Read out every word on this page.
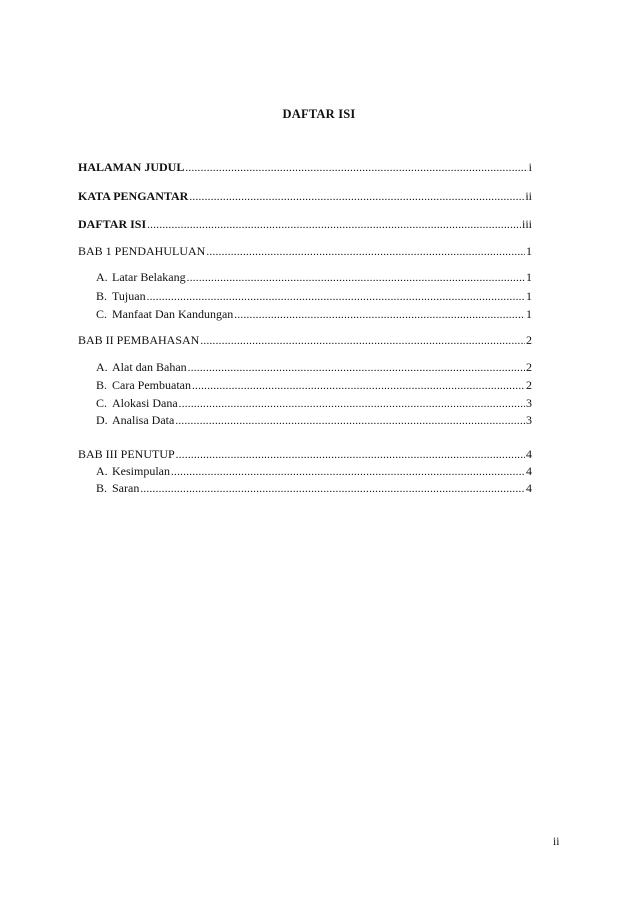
DAFTAR ISI
HALAMAN JUDUL .....	i
KATA PENGANTAR .....	ii
DAFTAR ISI .....	iii
BAB 1 PENDAHULUAN .....	1
A. Latar Belakang .....	1
B. Tujuan .....	1
C. Manfaat Dan Kandungan .....	1
BAB II PEMBAHASAN .....	2
A. Alat dan Bahan .....	2
B. Cara Pembuatan .....	2
C. Alokasi Dana .....	3
D. Analisa Data .....	3
BAB III PENUTUP .....	4
A. Kesimpulan .....	4
B. Saran .....	4
ii
